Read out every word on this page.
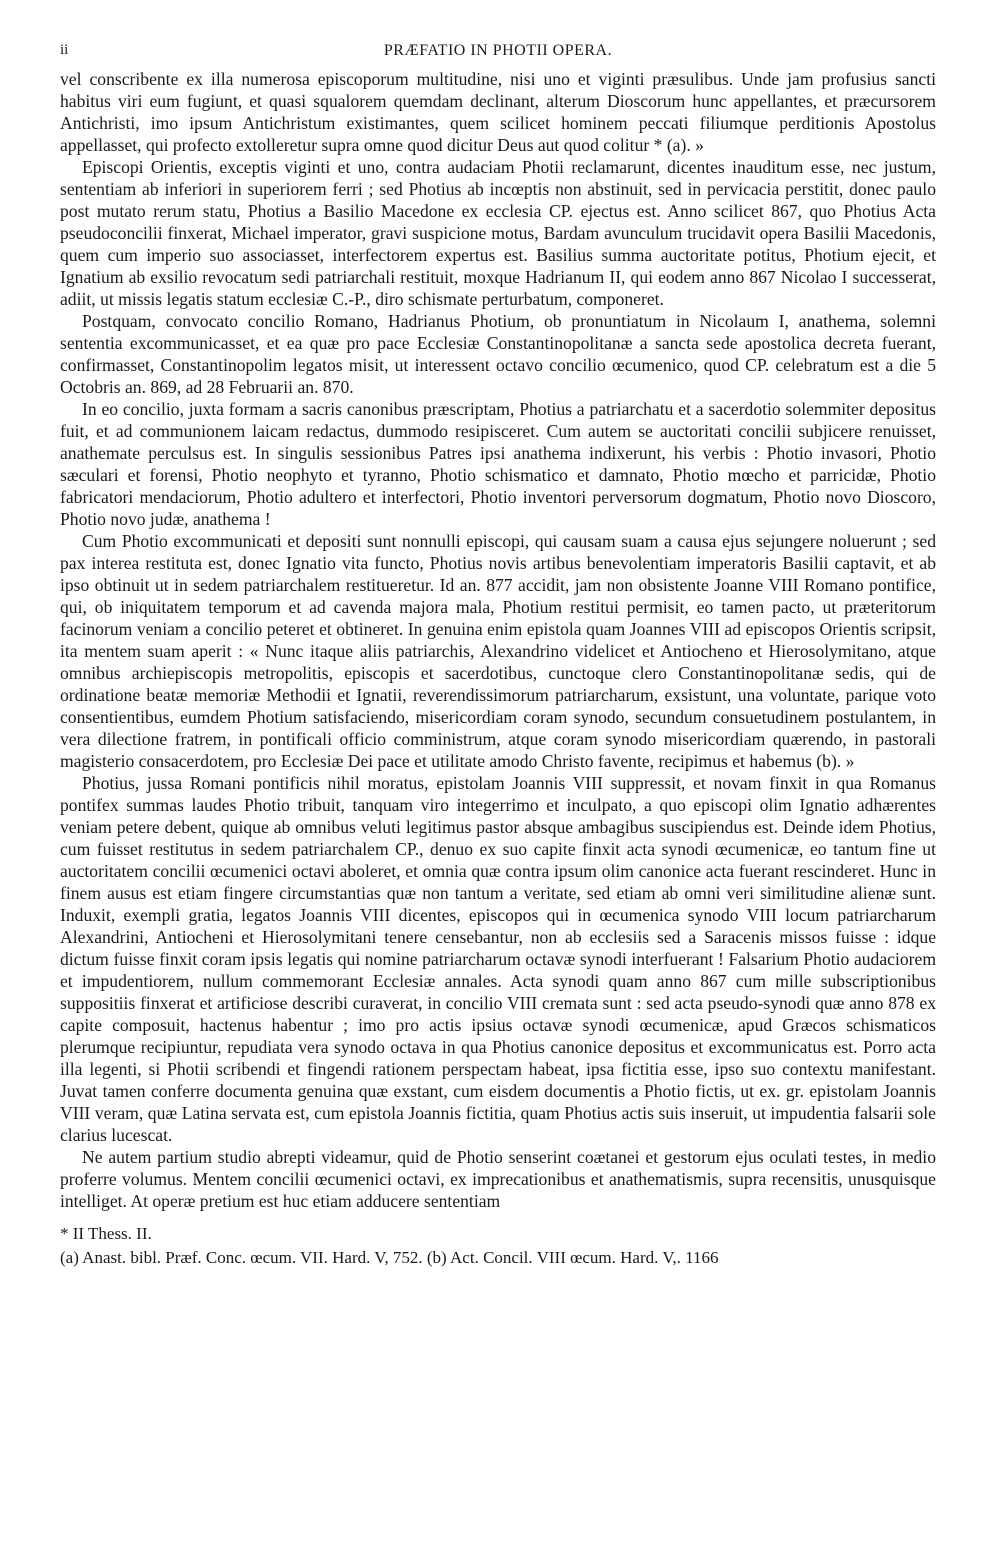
ii	PRÆFATIO IN PHOTII OPERA.

vel conscribente ex illa numerosa episcoporum multitudine, nisi uno et viginti præsulibus. Unde jam profusius sancti habitus viri eum fugiunt, et quasi squalorem quemdam declinant, alterum Dioscorum hunc appellantes, et præcursorem Antichristi, imo ipsum Antichristum existimantes, quem scilicet hominem peccati filiumque perditionis Apostolus appellasset, qui profecto extolleretur supra omne quod dicitur Deus aut quod colitur * (a). »

Episcopi Orientis, exceptis viginti et uno, contra audaciam Photii reclamarunt, dicentes inauditum esse, nec justum, sententiam ab inferiori in superiorem ferri ; sed Photius ab incœptis non abstinuit, sed in pervicacia perstitit, donec paulo post mutato rerum statu, Photius a Basilio Macedone ex ecclesia CP. ejectus est. Anno scilicet 867, quo Photius Acta pseudoconcilii finxerat, Michael imperator, gravi suspicione motus, Bardam avunculum trucidavit opera Basilii Macedonis, quem cum imperio suo associasset, interfectorem expertus est. Basilius summa auctoritate potitus, Photium ejecit, et Ignatium ab exsilio revocatum sedi patriarchali restituit, moxque Hadrianum II, qui eodem anno 867 Nicolao I successerat, adiit, ut missis legatis statum ecclesiæ C.-P., diro schismate perturbatum, componeret.

Postquam, convocato concilio Romano, Hadrianus Photium, ob pronuntiatum in Nicolaum I, anathema, solemni sententia excommunicasset, et ea quæ pro pace Ecclesiæ Constantinopolitanæ a sancta sede apostolica decreta fuerant, confirmasset, Constantinopolim legatos misit, ut interessent octavo concilio œcumenico, quod CP. celebratum est a die 5 Octobris an. 869, ad 28 Februarii an. 870.

In eo concilio, juxta formam a sacris canonibus præscriptam, Photius a patriarchatu et a sacerdotio solemmiter depositus fuit, et ad communionem laicam redactus, dummodo resipisceret. Cum autem se auctoritati concilii subjicere renuisset, anathemate perculsus est. In singulis sessionibus Patres ipsi anathema indixerunt, his verbis : Photio invasori, Photio sæculari et forensi, Photio neophyto et tyranno, Photio schismatico et damnato, Photio mœcho et parricidæ, Photio fabricatori mendaciorum, Photio adultero et interfectori, Photio inventori perversorum dogmatum, Photio novo Dioscoro, Photio novo judæ, anathema !

Cum Photio excommunicati et depositi sunt nonnulli episcopi, qui causam suam a causa ejus sejungere noluerunt ; sed pax interea restituta est, donec Ignatio vita functo, Photius novis artibus benevolentiam imperatoris Basilii captavit, et ab ipso obtinuit ut in sedem patriarchalem restitueretur. Id an. 877 accidit, jam non obsistente Joanne VIII Romano pontifice, qui, ob iniquitatem temporum et ad cavenda majora mala, Photium restitui permisit, eo tamen pacto, ut præteritorum facinorum veniam a concilio peteret et obtineret. In genuina enim epistola quam Joannes VIII ad episcopos Orientis scripsit, ita mentem suam aperit : « Nunc itaque aliis patriarchis, Alexandrino videlicet et Antiocheno et Hierosolymitano, atque omnibus archiepiscopis metropolitis, episcopis et sacerdotibus, cunctoque clero Constantinopolitanæ sedis, qui de ordinatione beatæ memoriæ Methodii et Ignatii, reverendissimorum patriarcharum, exsistunt, una voluntate, parique voto consentientibus, eumdem Photium satisfaciendo, misericordiam coram synodo, secundum consuetudinem postulantem, in vera dilectione fratrem, in pontificali officio comministrum, atque coram synodo misericordiam quærendo, in pastorali magisterio consacerdotem, pro Ecclesiæ Dei pace et utilitate amodo Christo favente, recipimus et habemus (b). »

Photius, jussa Romani pontificis nihil moratus, epistolam Joannis VIII suppressit, et novam finxit in qua Romanus pontifex summas laudes Photio tribuit, tanquam viro integerrimo et inculpato, a quo episcopi olim Ignatio adhærentes veniam petere debent, quique ab omnibus veluti legitimus pastor absque ambagibus suscipiendus est. Deinde idem Photius, cum fuisset restitutus in sedem patriarchalem CP., denuo ex suo capite finxit acta synodi œcumenicæ, eo tantum fine ut auctoritatem concilii œcumenici octavi aboleret, et omnia quæ contra ipsum olim canonice acta fuerant rescinderet. Hunc in finem ausus est etiam fingere circumstantias quæ non tantum a veritate, sed etiam ab omni veri similitudine alienæ sunt. Induxit, exempli gratia, legatos Joannis VIII dicentes, episcopos qui in œcumenica synodo VIII locum patriarcharum Alexandrini, Antiocheni et Hierosolymitani tenere censebantur, non ab ecclesiis sed a Saracenis missos fuisse : idque dictum fuisse finxit coram ipsis legatis qui nomine patriarcharum octavæ synodi interfuerant ! Falsarium Photio audaciorem et impudentiorem, nullum commemorant Ecclesiæ annales. Acta synodi quam anno 867 cum mille subscriptionibus suppositiis finxerat et artificiose describi curaverat, in concilio VIII cremata sunt : sed acta pseudo-synodi quæ anno 878 ex capite composuit, hactenus habentur ; imo pro actis ipsius octavæ synodi œcumenicæ, apud Græcos schismaticos plerumque recipiuntur, repudiata vera synodo octava in qua Photius canonice depositus et excommunicatus est. Porro acta illa legenti, si Photii scribendi et fingendi rationem perspectam habeat, ipsa fictitia esse, ipso suo contextu manifestant. Juvat tamen conferre documenta genuina quæ exstant, cum eisdem documentis a Photio fictis, ut ex. gr. epistolam Joannis VIII veram, quæ Latina servata est, cum epistola Joannis fictitia, quam Photius actis suis inseruit, ut impudentia falsarii sole clarius lucescat.

Ne autem partium studio abrepti videamur, quid de Photio senserint coætanei et gestorum ejus oculati testes, in medio proferre volumus. Mentem concilii œcumenici octavi, ex imprecationibus et anathematismis, supra recensitis, unusquisque intelliget. At operæ pretium est huc etiam adducere sententiam

* II Thess. II.
(a) Anast. bibl. Præf. Conc. œcum. VII. Hard. V, 752. (b) Act. Concil. VIII œcum. Hard. V,. 1166
